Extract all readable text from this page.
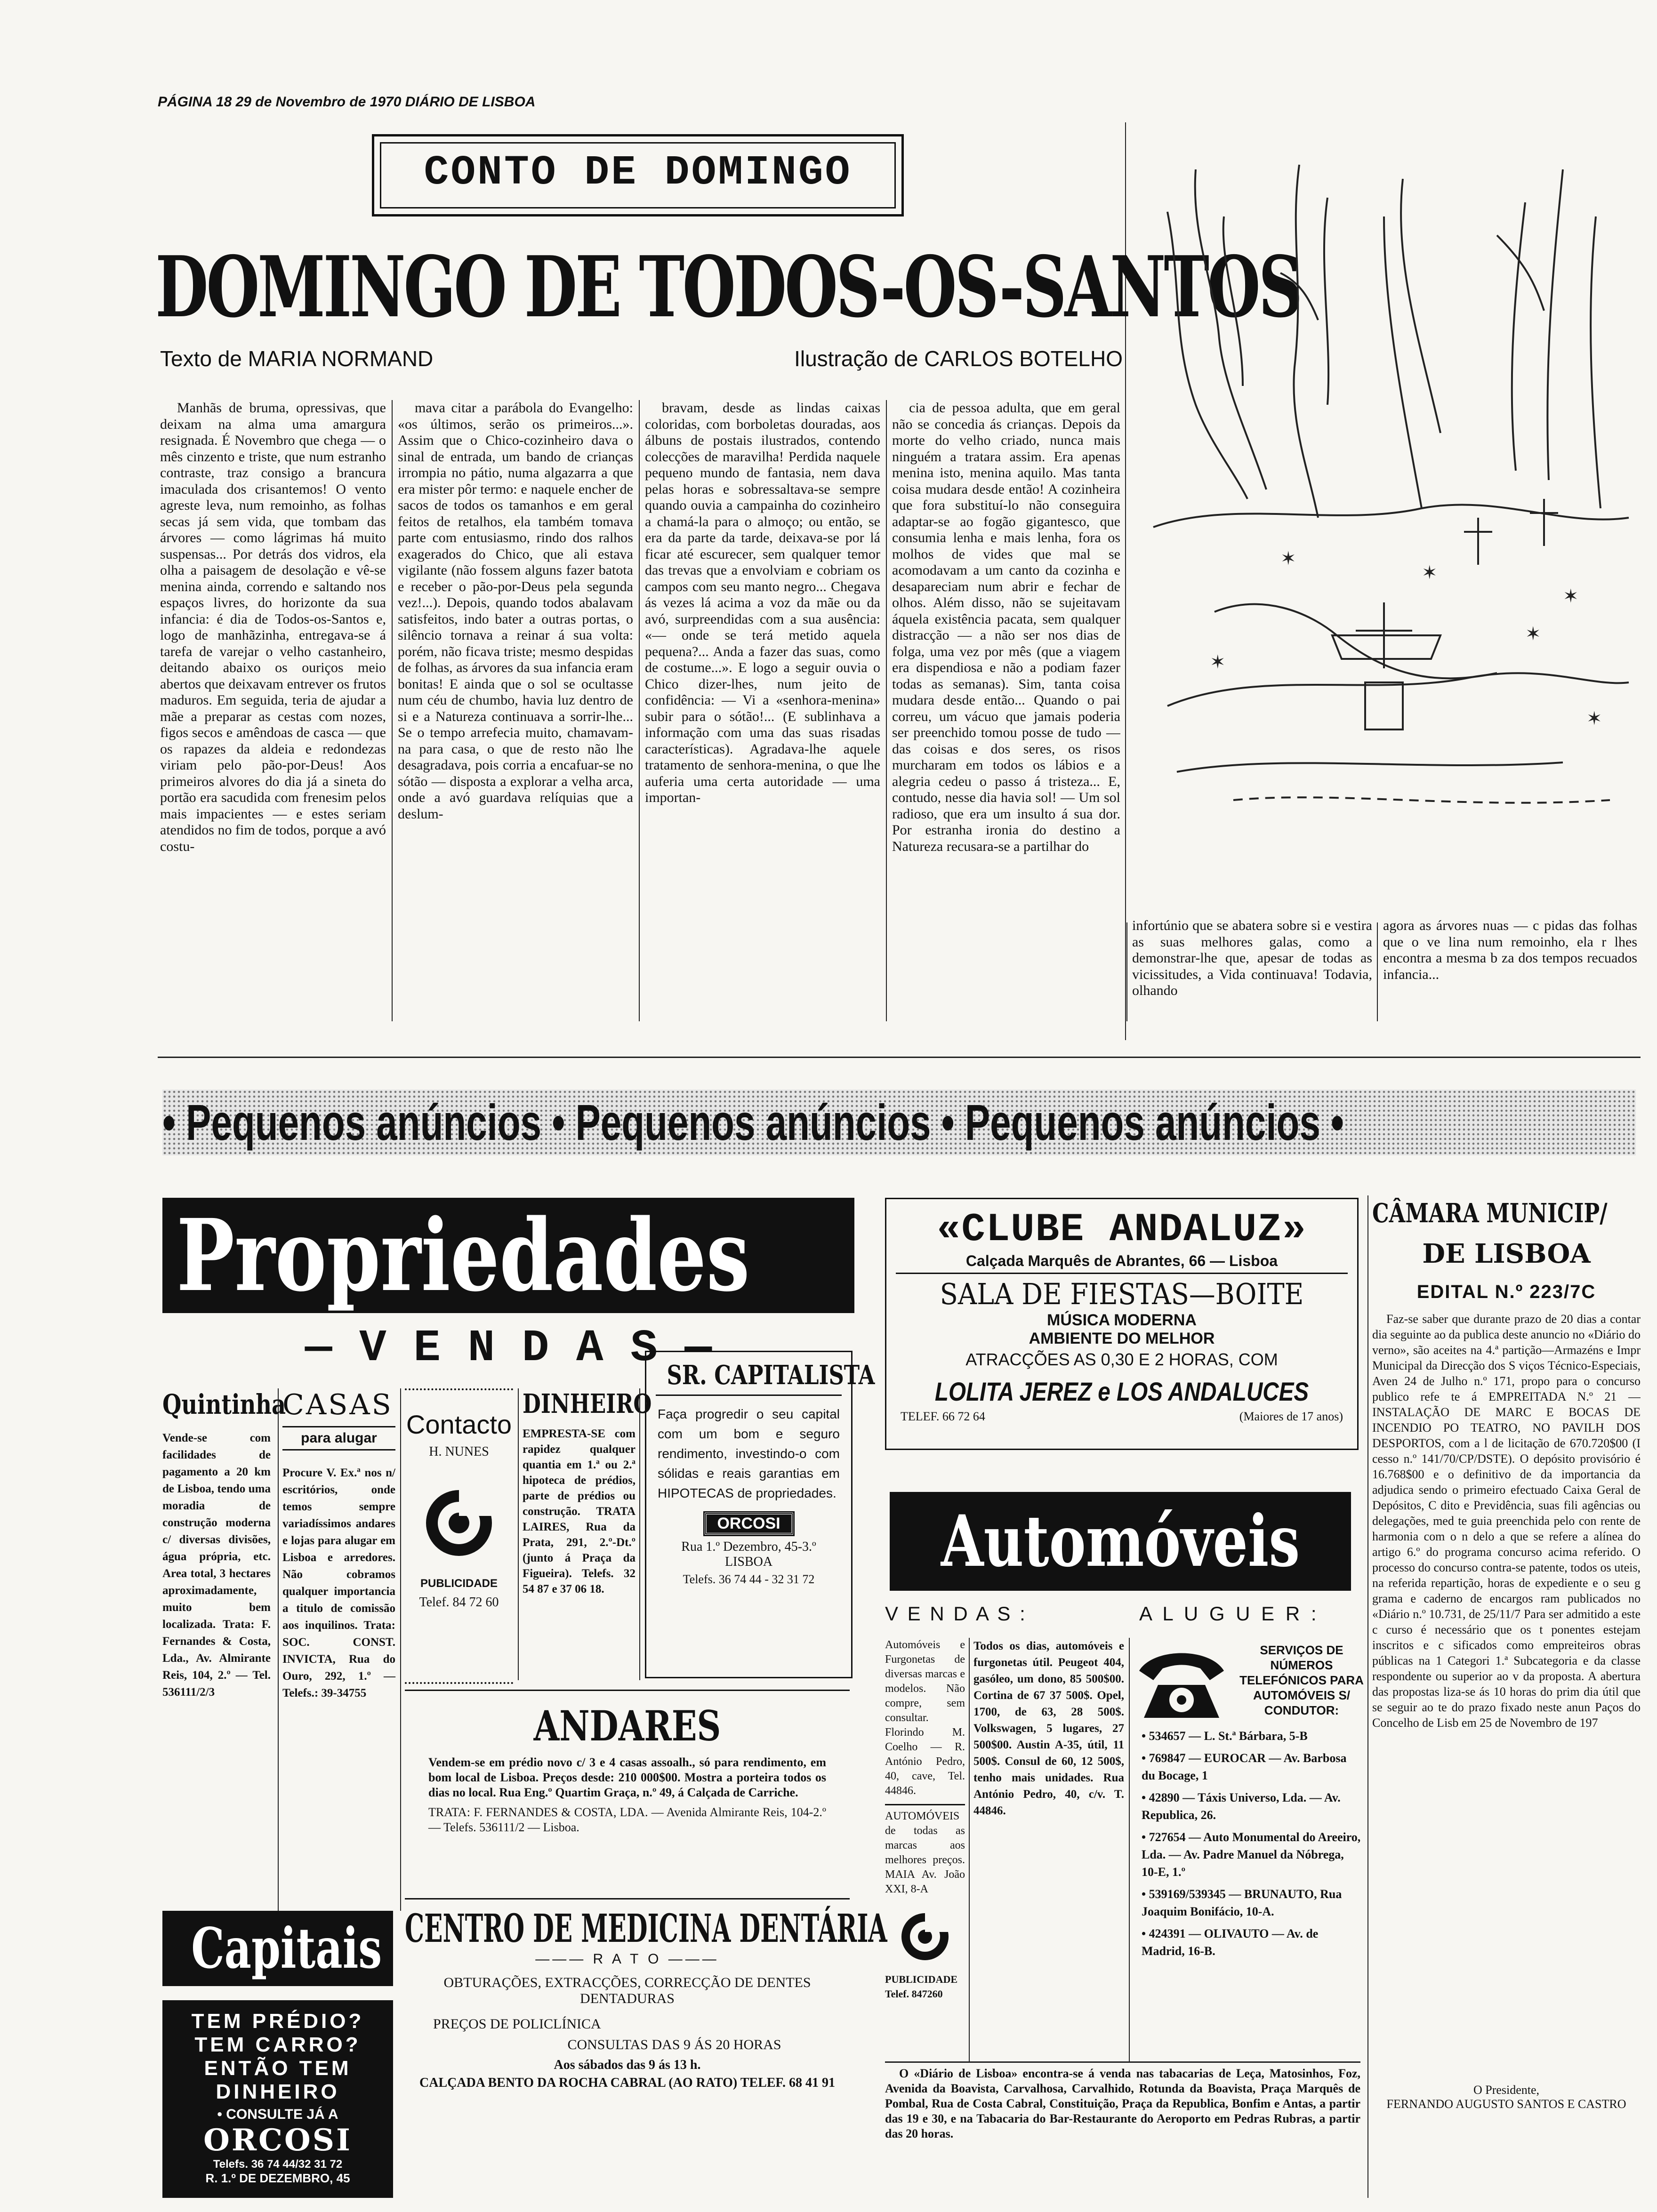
PÁGINA 18 29 de Novembro de 1970 DIÁRIO DE LISBOA
CONTO DE DOMINGO
DOMINGO DE TODOS-OS-SANTOS
Texto de MARIA NORMAND	Ilustração de CARLOS BOTELHO

Manhãs de bruma, opressivas, que deixam na alma uma amargura resignada. É Novembro que chega — o mês cinzento e triste, que num estranho contraste, traz consigo a brancura imaculada dos crisantemos! O vento agreste leva, num remoinho, as folhas secas já sem vida, que tombam das árvores — como lágrimas há muito suspensas... Por detrás dos vidros, ela olha a paisagem de desolação e vê-se menina ainda, correndo e saltando nos espaços livres, do horizonte da sua infancia: é dia de Todos-os-Santos e, logo de manhãzinha, entregava-se á tarefa de varejar o velho castanheiro, deitando abaixo os ouriços meio abertos que deixavam entrever os frutos maduros. Em seguida, teria de ajudar a mãe a preparar as cestas com nozes, figos secos e amêndoas de casca — que os rapazes da aldeia e redondezas viriam pelo pão-por-Deus! Aos primeiros alvores do dia já a sineta do portão era sacudida com frenesim pelos mais impacientes — e estes seriam atendidos no fim de todos, porque a avó costu-

mava citar a parábola do Evangelho: «os últimos, serão os primeiros...». Assim que o Chico-cozinheiro dava o sinal de entrada, um bando de crianças irrompia no pátio, numa algazarra a que era mister pôr termo: e naquele encher de sacos de todos os tamanhos e em geral feitos de retalhos, ela também tomava parte com entusiasmo, rindo dos ralhos exagerados do Chico, que ali estava vigilante (não fossem alguns fazer batota e receber o pão-por-Deus pela segunda vez!...). Depois, quando todos abalavam satisfeitos, indo bater a outras portas, o silêncio tornava a reinar á sua volta: porém, não ficava triste; mesmo despidas de folhas, as árvores da sua infancia eram bonitas! E ainda que o sol se ocultasse num céu de chumbo, havia luz dentro de si e a Natureza continuava a sorrir-lhe... Se o tempo arrefecia muito, chamavam-na para casa, o que de resto não lhe desagradava, pois corria a encafuar-se no sótão — disposta a explorar a velha arca, onde a avó guardava relíquias que a deslum-

bravam, desde as lindas caixas coloridas, com borboletas douradas, aos álbuns de postais ilustrados, contendo colecções de maravilha! Perdida naquele pequeno mundo de fantasia, nem dava pelas horas e sobressaltava-se sempre quando ouvia a campainha do cozinheiro a chamá-la para o almoço; ou então, se era da parte da tarde, deixava-se por lá ficar até escurecer, sem qualquer temor das trevas que a envolviam e cobriam os campos com seu manto negro... Chegava ás vezes lá acima a voz da mãe ou da avó, surpreendidas com a sua ausência: «— onde se terá metido aquela pequena?... Anda a fazer das suas, como de costume...». E logo a seguir ouvia o Chico dizer-lhes, num jeito de confidência: — Vi a «senhora-menina» subir para o sótão!... (E sublinhava a informação com uma das suas risadas características). Agradava-lhe aquele tratamento de senhora-menina, o que lhe auferia uma certa autoridade — uma importan-

cia de pessoa adulta, que em geral não se concedia ás crianças. Depois da morte do velho criado, nunca mais ninguém a tratara assim. Era apenas menina isto, menina aquilo. Mas tanta coisa mudara desde então! A cozinheira que fora substituí-lo não conseguira adaptar-se ao fogão gigantesco, que consumia lenha e mais lenha, fora os molhos de vides que mal se acomodavam a um canto da cozinha e desapareciam num abrir e fechar de olhos. Além disso, não se sujeitavam áquela existência pacata, sem qualquer distracção — a não ser nos dias de folga, uma vez por mês (que a viagem era dispendiosa e não a podiam fazer todas as semanas). Sim, tanta coisa mudara desde então... Quando o pai correu, um vácuo que jamais poderia ser preenchido tomou posse de tudo — das coisas e dos seres, os risos murcharam em todos os lábios e a alegria cedeu o passo á tristeza... E, contudo, nesse dia havia sol! — Um sol radioso, que era um insulto á sua dor. Por estranha ironia do destino a Natureza recusara-se a partilhar do

✶
✶
✶
✶
✶
✶

infortúnio que se abatera sobre si e vestira as suas melhores galas, como a demonstrar-lhe que, apesar de todas as vicissitudes, a Vida continuava! Todavia, olhando

agora as árvores nuas — c pidas das folhas que o ve lina num remoinho, ela r lhes encontra a mesma b za dos tempos recuados infancia...

• Pequenos anúncios • Pequenos anúncios • Pequenos anúncios •
Propriedades
— V E N D A S —
Quintinha
Vende-se com facilidades de pagamento a 20 km de Lisboa, tendo uma moradia de construção moderna c/ diversas divisões, água própria, etc. Area total, 3 hectares aproximadamente, muito bem localizada. Trata: F. Fernandes & Costa, Lda., Av. Almirante Reis, 104, 2.º — Tel. 536111/2/3
CASAS
para alugar
Procure V. Ex.ª nos n/ escritórios, onde temos sempre variadíssimos andares e lojas para alugar em Lisboa e arredores. Não cobramos qualquer importancia a titulo de comissão aos inquilinos. Trata: SOC. CONST. INVICTA, Rua do Ouro, 292, 1.º — Telefs.: 39-34755
Contacto
H. NUNES
PUBLICIDADE
Telef. 84 72 60
DINHEIRO
EMPRESTA-SE com rapidez qualquer quantia em 1.ª ou 2.ª hipoteca de prédios, parte de prédios ou construção. TRATA LAIRES, Rua da Prata, 291, 2.º-Dt.º (junto á Praça da Figueira). Telefs. 32 54 87 e 37 06 18.
SR. CAPITALISTA
Faça progredir o seu capital com um bom e seguro rendimento, investindo-o com sólidas e reais garantias em HIPOTECAS de propriedades.
ORCOSI
Rua 1.º Dezembro, 45-3.º LISBOA
Telefs. 36 74 44 - 32 31 72
ANDARES
Vendem-se em prédio novo c/ 3 e 4 casas assoalh., só para rendimento, em bom local de Lisboa. Preços desde: 210 000$00. Mostra a porteira todos os dias no local. Rua Eng.º Quartim Graça, n.º 49, á Calçada de Carriche.
TRATA: F. FERNANDES & COSTA, LDA. — Avenida Almirante Reis, 104-2.º — Telefs. 536111/2 — Lisboa.
Capitais
TEM PRÉDIO?
TEM CARRO?
ENTÃO TEM
DINHEIRO
• CONSULTE JÁ A
ORCOSI
Telefs. 36 74 44/32 31 72
R. 1.º DE DEZEMBRO, 45
CENTRO DE MEDICINA DENTÁRIA
——— R A T O ———
OBTURAÇÕES, EXTRACÇÕES, CORRECÇÃO DE DENTES DENTADURAS
PREÇOS DE POLICLÍNICA
CONSULTAS DAS 9 ÁS 20 HORAS
Aos sábados das 9 ás 13 h.
CALÇADA BENTO DA ROCHA CABRAL (AO RATO) TELEF. 68 41 91
«CLUBE ANDALUZ»
Calçada Marquês de Abrantes, 66 — Lisboa
SALA DE FIESTAS—BOITE
MÚSICA MODERNA
AMBIENTE DO MELHOR
ATRACÇÕES AS 0,30 E 2 HORAS, COM
LOLITA JEREZ e LOS ANDALUCES
TELEF. 66 72 64	(Maiores de 17 anos)
Automóveis
V E N D A S :	A L U G U E R :
Automóveis e Furgonetas de diversas marcas e modelos. Não compre, sem consultar. Florindo M. Coelho — R. António Pedro, 40, cave, Tel. 44846.
AUTOMÓVEIS de todas as marcas aos melhores preços. MAIA Av. João XXI, 8-A
PUBLICIDADE Telef. 847260
Todos os dias, automóveis e furgonetas útil. Peugeot 404, gasóleo, um dono, 85 500$00. Cortina de 67 37 500$. Opel, 1700, de 63, 28 500$. Volkswagen, 5 lugares, 27 500$00. Austin A-35, útil, 11 500$. Consul de 60, 12 500$, tenho mais unidades. Rua António Pedro, 40, c/v. T. 44846.
SERVIÇOS DE NÚMEROS TELEFÓNICOS PARA AUTOMÓVEIS S/ CONDUTOR:
• 534657 — L. St.ª Bárbara, 5-B
• 769847 — EUROCAR — Av. Barbosa du Bocage, 1
• 42890 — Táxis Universo, Lda. — Av. Republica, 26.
• 727654 — Auto Monumental do Areeiro, Lda. — Av. Padre Manuel da Nóbrega, 10-E, 1.º
• 539169/539345 — BRUNAUTO, Rua Joaquim Bonifácio, 10-A.
• 424391 — OLIVAUTO — Av. de Madrid, 16-B.
O «Diário de Lisboa» encontra-se á venda nas tabacarias de Leça, Matosinhos, Foz, Avenida da Boavista, Carvalhosa, Carvalhido, Rotunda da Boavista, Praça Marquês de Pombal, Rua de Costa Cabral, Constituição, Praça da Republica, Bonfim e Antas, a partir das 19 e 30, e na Tabacaria do Bar-Restaurante do Aeroporto em Pedras Rubras, a partir das 20 horas.
CÂMARA MUNICIP/
DE LISBOA
EDITAL N.º 223/7C
Faz-se saber que durante prazo de 20 dias a contar dia seguinte ao da publica deste anuncio no «Diário do verno», são aceites na 4.ª partição—Armazéns e Impr Municipal da Direcção dos S viços Técnico-Especiais, Aven 24 de Julho n.º 171, propo para o concurso publico refe te á EMPREITADA N.º 21 — INSTALAÇÃO DE MARC E BOCAS DE INCENDIO PO TEATRO, NO PAVILH DOS DESPORTOS, com a l de licitação de 670.720$00 (I cesso n.º 141/70/CP/DSTE). O depósito provisório é 16.768$00 e o definitivo de da importancia da adjudica sendo o primeiro efectuado Caixa Geral de Depósitos, C dito e Previdência, suas fili agências ou delegações, med te guia preenchida pelo con rente de harmonia com o n delo a que se refere a alínea do artigo 6.º do programa concurso acima referido. O processo do concurso contra-se patente, todos os uteis, na referida repartição, horas de expediente e o seu g grama e caderno de encargos ram publicados no «Diário n.º 10.731, de 25/11/7 Para ser admitido a este c curso é necessário que os t ponentes estejam inscritos e c sificados como empreiteiros obras públicas na 1 Categori 1.ª Subcategoria e da classe respondente ou superior ao v da proposta. A abertura das propostas liza-se ás 10 horas do prim dia útil que se seguir ao te do prazo fixado neste anun Paços do Concelho de Lisb em 25 de Novembro de 197
O Presidente,
FERNANDO AUGUSTO SANTOS E CASTRO
